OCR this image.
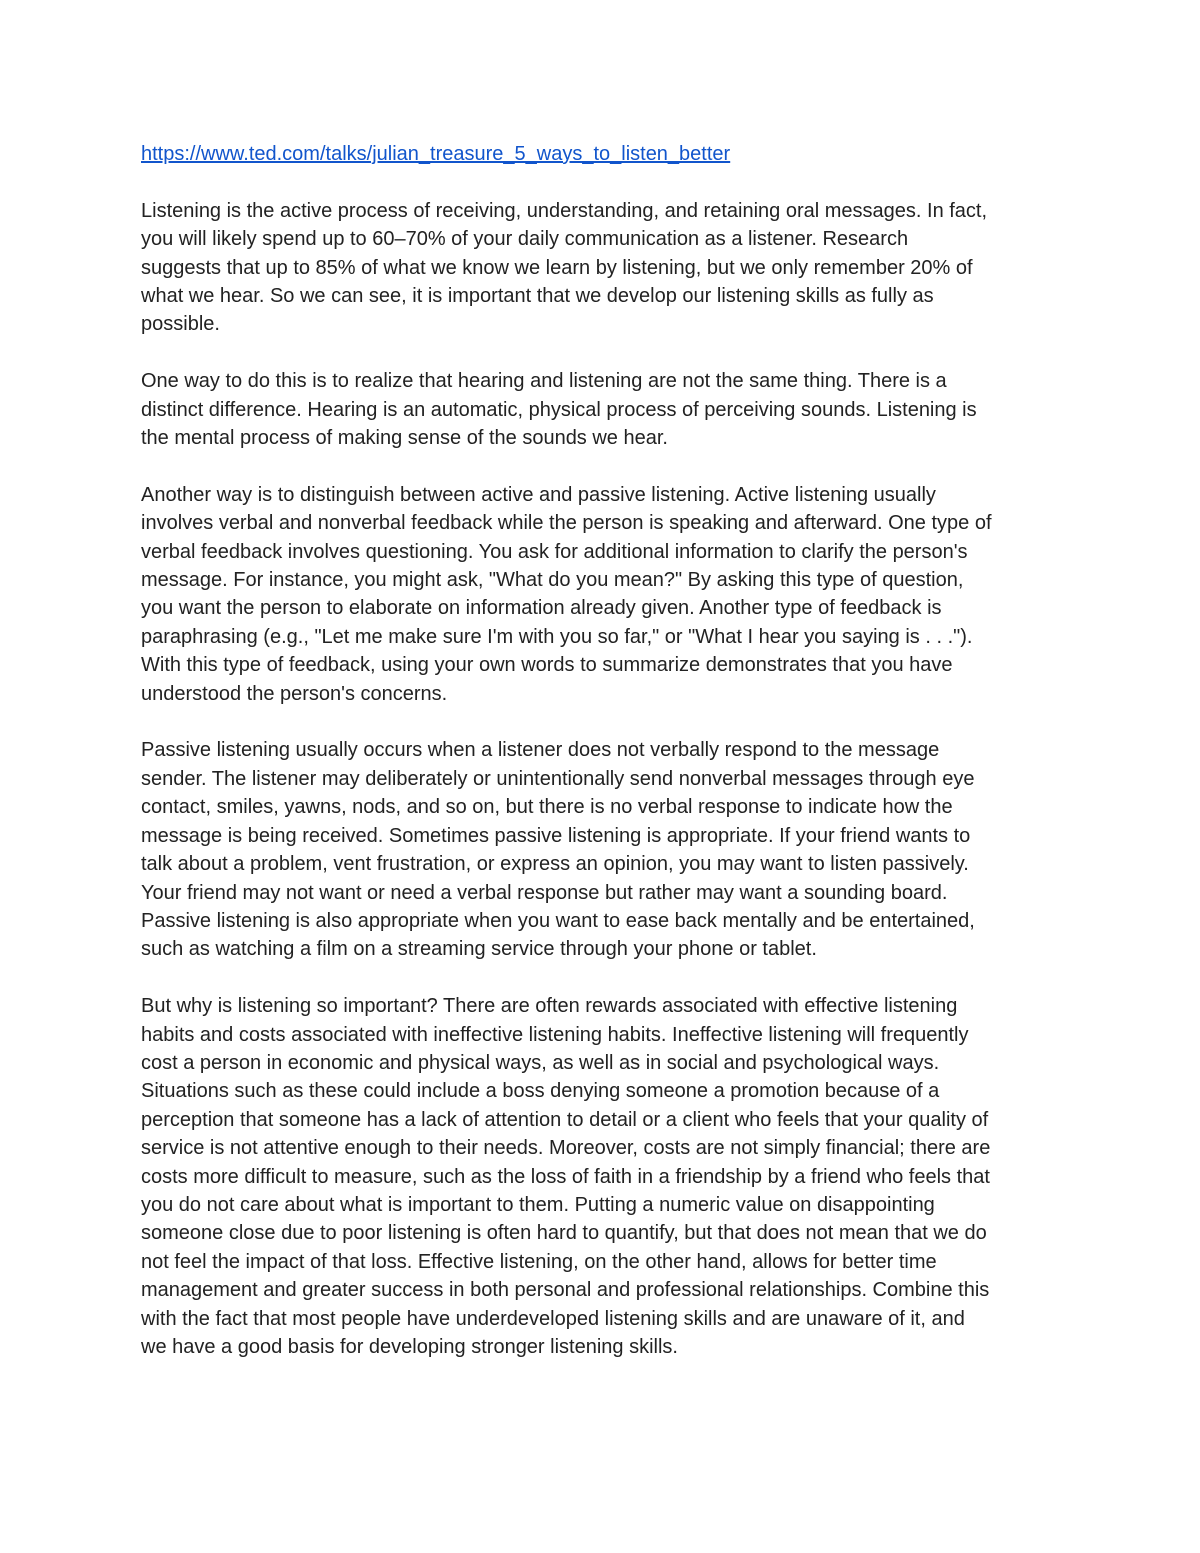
https://www.ted.com/talks/julian_treasure_5_ways_to_listen_better

Listening is the active process of receiving, understanding, and retaining oral messages. In fact,
you will likely spend up to 60–70% of your daily communication as a listener. Research
suggests that up to 85% of what we know we learn by listening, but we only remember 20% of
what we hear. So we can see, it is important that we develop our listening skills as fully as
possible.

One way to do this is to realize that hearing and listening are not the same thing. There is a
distinct difference. Hearing is an automatic, physical process of perceiving sounds. Listening is
the mental process of making sense of the sounds we hear.

Another way is to distinguish between active and passive listening. Active listening usually
involves verbal and nonverbal feedback while the person is speaking and afterward. One type of
verbal feedback involves questioning. You ask for additional information to clarify the person's
message. For instance, you might ask, "What do you mean?" By asking this type of question,
you want the person to elaborate on information already given. Another type of feedback is
paraphrasing (e.g., "Let me make sure I'm with you so far," or "What I hear you saying is . . .").
With this type of feedback, using your own words to summarize demonstrates that you have
understood the person's concerns.

Passive listening usually occurs when a listener does not verbally respond to the message
sender. The listener may deliberately or unintentionally send nonverbal messages through eye
contact, smiles, yawns, nods, and so on, but there is no verbal response to indicate how the
message is being received. Sometimes passive listening is appropriate. If your friend wants to
talk about a problem, vent frustration, or express an opinion, you may want to listen passively.
Your friend may not want or need a verbal response but rather may want a sounding board.
Passive listening is also appropriate when you want to ease back mentally and be entertained,
such as watching a film on a streaming service through your phone or tablet.

But why is listening so important? There are often rewards associated with effective listening
habits and costs associated with ineffective listening habits. Ineffective listening will frequently
cost a person in economic and physical ways, as well as in social and psychological ways.
Situations such as these could include a boss denying someone a promotion because of a
perception that someone has a lack of attention to detail or a client who feels that your quality of
service is not attentive enough to their needs. Moreover, costs are not simply financial; there are
costs more difficult to measure, such as the loss of faith in a friendship by a friend who feels that
you do not care about what is important to them. Putting a numeric value on disappointing
someone close due to poor listening is often hard to quantify, but that does not mean that we do
not feel the impact of that loss. Effective listening, on the other hand, allows for better time
management and greater success in both personal and professional relationships. Combine this
with the fact that most people have underdeveloped listening skills and are unaware of it, and
we have a good basis for developing stronger listening skills.
